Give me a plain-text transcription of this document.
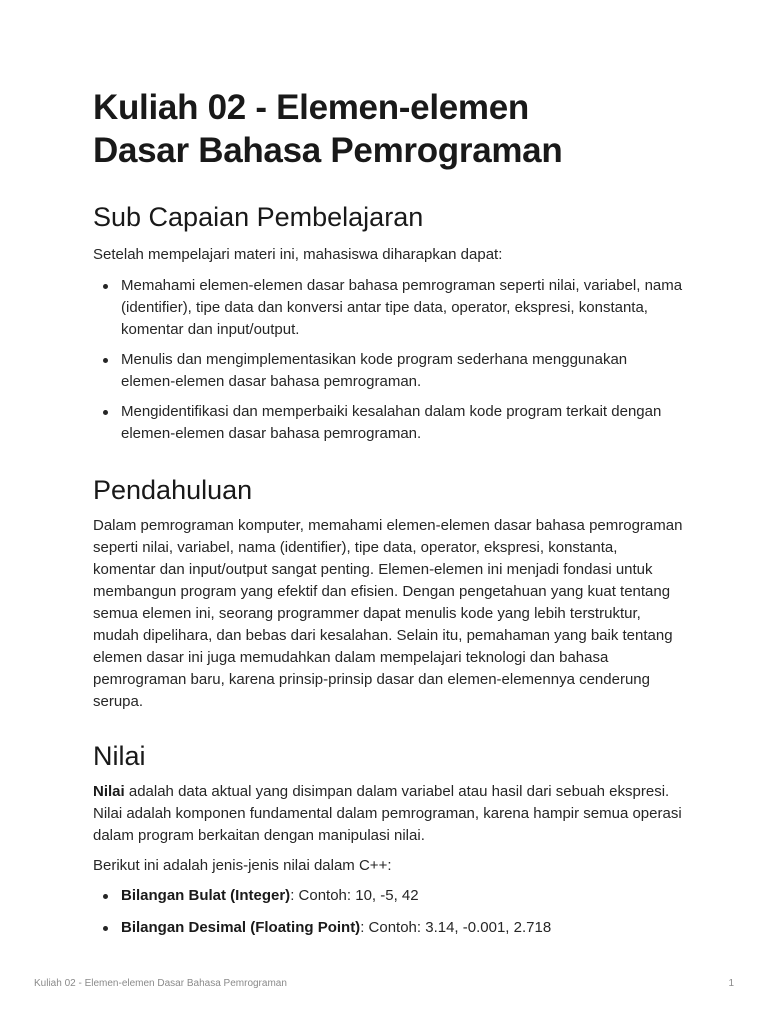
Kuliah 02 - Elemen-elemen
Dasar Bahasa Pemrograman
Sub Capaian Pembelajaran

Setelah mempelajari materi ini, mahasiswa diharapkan dapat:

Memahami elemen-elemen dasar bahasa pemrograman seperti nilai, variabel, nama (identifier), tipe data dan konversi antar tipe data, operator, ekspresi, konstanta, komentar dan input/output.
Menulis dan mengimplementasikan kode program sederhana menggunakan elemen-elemen dasar bahasa pemrograman.
Mengidentifikasi dan memperbaiki kesalahan dalam kode program terkait dengan elemen-elemen dasar bahasa pemrograman.
Pendahuluan

Dalam pemrograman komputer, memahami elemen-elemen dasar bahasa pemrograman seperti nilai, variabel, nama (identifier), tipe data, operator, ekspresi, konstanta, komentar dan input/output sangat penting. Elemen-elemen ini menjadi fondasi untuk membangun program yang efektif dan efisien. Dengan pengetahuan yang kuat tentang semua elemen ini, seorang programmer dapat menulis kode yang lebih terstruktur, mudah dipelihara, dan bebas dari kesalahan. Selain itu, pemahaman yang baik tentang elemen dasar ini juga memudahkan dalam mempelajari teknologi dan bahasa pemrograman baru, karena prinsip-prinsip dasar dan elemen-elemennya cenderung serupa.

Nilai

Nilai adalah data aktual yang disimpan dalam variabel atau hasil dari sebuah ekspresi. Nilai adalah komponen fundamental dalam pemrograman, karena hampir semua operasi dalam program berkaitan dengan manipulasi nilai.

Berikut ini adalah jenis-jenis nilai dalam C++:

Bilangan Bulat (Integer): Contoh: 10, -5, 42
Bilangan Desimal (Floating Point): Contoh: 3.14, -0.001, 2.718
Kuliah 02 - Elemen-elemen Dasar Bahasa Pemrograman	1
